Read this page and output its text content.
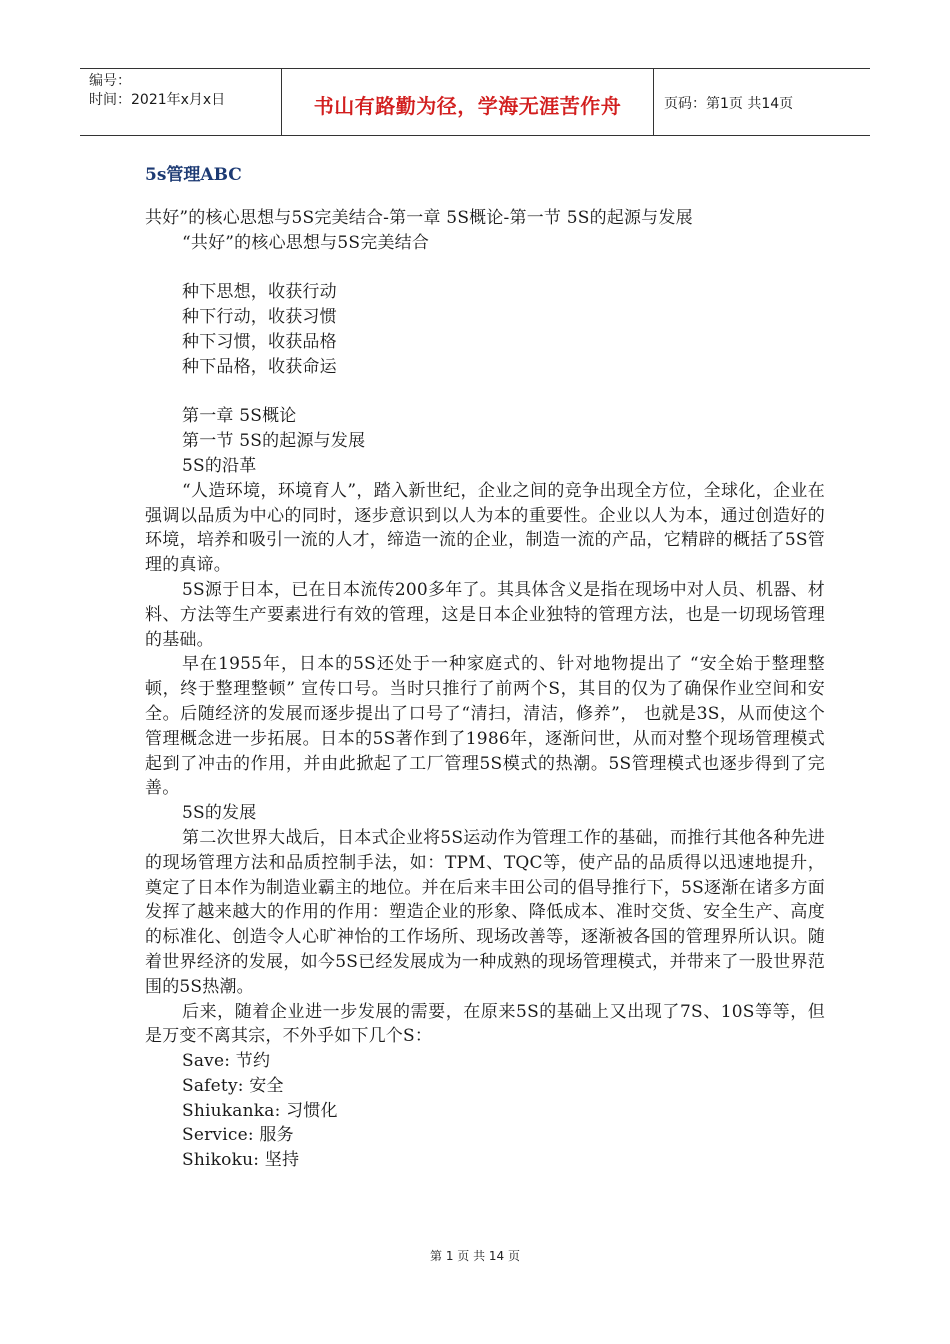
编号：
时间：2021年x月x日	书山有路勤为径，学海无涯苦作舟	页码：第1页 共14页
5s管理ABC

共好”的核心思想与5S完美结合-第一章 5S概论-第一节 5S的起源与发展

“共好”的核心思想与5S完美结合

种下思想，收获行动

种下行动，收获习惯

种下习惯，收获品格

种下品格，收获命运

第一章 5S概论

第一节 5S的起源与发展

5S的沿革

“人造环境，环境育人”，踏入新世纪，企业之间的竞争出现全方位，全球化，企业在强调以品质为中心的同时，逐步意识到以人为本的重要性。企业以人为本，通过创造好的环境，培养和吸引一流的人才，缔造一流的企业，制造一流的产品，它精辟的概括了5S管理的真谛。

5S源于日本，已在日本流传200多年了。其具体含义是指在现场中对人员、机器、材料、方法等生产要素进行有效的管理，这是日本企业独特的管理方法，也是一切现场管理的基础。

早在1955年，日本的5S还处于一种家庭式的、针对地物提出了 “安全始于整理整顿，终于整理整顿” 宣传口号。当时只推行了前两个S，其目的仅为了确保作业空间和安全。后随经济的发展而逐步提出了口号了“清扫，清洁，修养”， 也就是3S，从而使这个管理概念进一步拓展。日本的5S著作到了1986年，逐渐问世，从而对整个现场管理模式起到了冲击的作用，并由此掀起了工厂管理5S模式的热潮。5S管理模式也逐步得到了完善。

5S的发展

第二次世界大战后，日本式企业将5S运动作为管理工作的基础，而推行其他各种先进的现场管理方法和品质控制手法，如：TPM、TQC等，使产品的品质得以迅速地提升，奠定了日本作为制造业霸主的地位。并在后来丰田公司的倡导推行下，5S逐渐在诸多方面发挥了越来越大的作用的作用：塑造企业的形象、降低成本、准时交货、安全生产、高度的标准化、创造令人心旷神怡的工作场所、现场改善等，逐渐被各国的管理界所认识。随着世界经济的发展，如今5S已经发展成为一种成熟的现场管理模式，并带来了一股世界范围的5S热潮。

后来，随着企业进一步发展的需要，在原来5S的基础上又出现了7S、10S等等，但是万变不离其宗，不外乎如下几个S：

Save: 节约

Safety: 安全

Shiukanka: 习惯化

Service: 服务

Shikoku: 坚持

第 1 页 共 14 页
